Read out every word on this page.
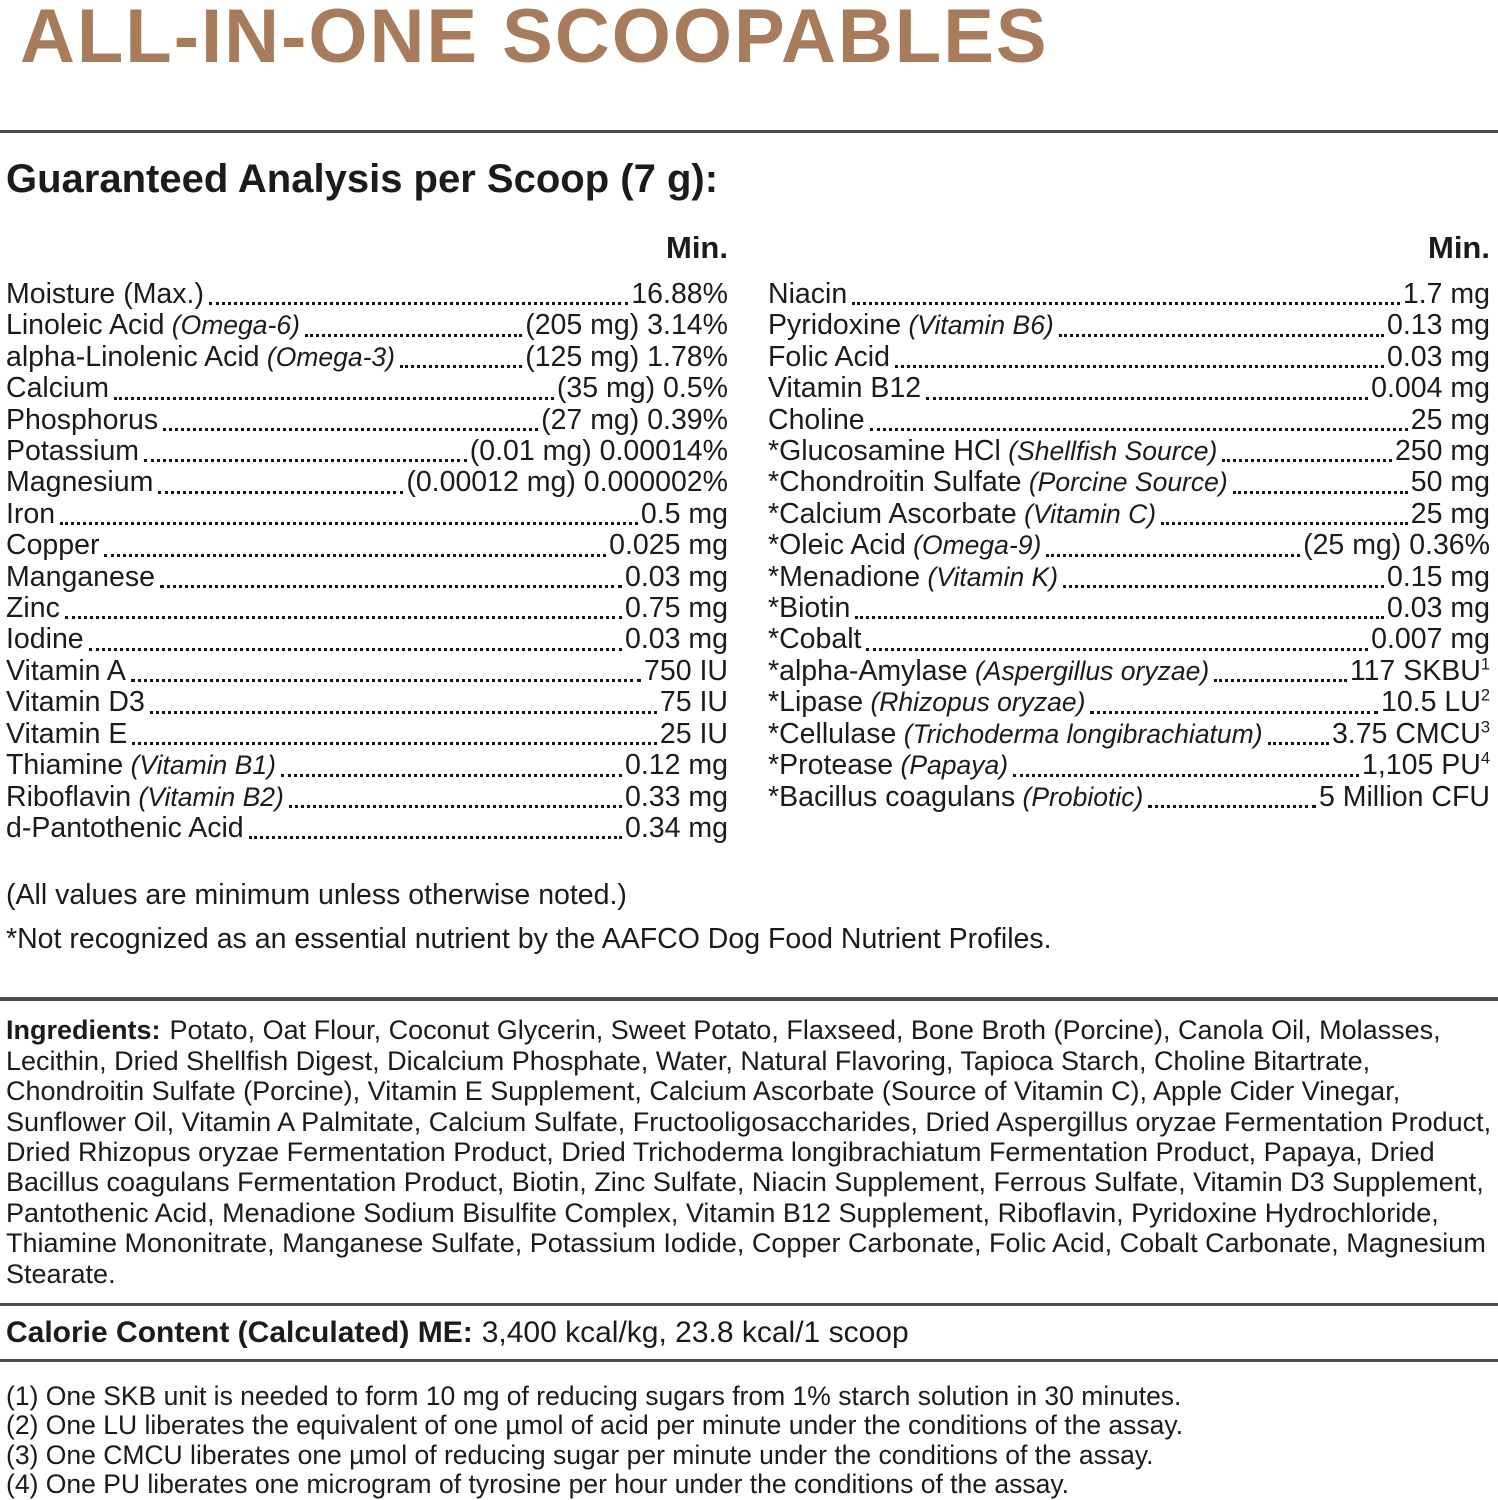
ALL-IN-ONE SCOOPABLES
Guaranteed Analysis per Scoop (7 g):
Min.
Moisture (Max.)	16.88%
Linoleic Acid (Omega-6)	(205 mg) 3.14%
alpha-Linolenic Acid (Omega-3)	(125 mg) 1.78%
Calcium	(35 mg) 0.5%
Phosphorus	(27 mg) 0.39%
Potassium	(0.01 mg) 0.00014%
Magnesium	(0.00012 mg) 0.000002%
Iron	0.5 mg
Copper	0.025 mg
Manganese	0.03 mg
Zinc	0.75 mg
Iodine	0.03 mg
Vitamin A	750 IU
Vitamin D3	75 IU
Vitamin E	25 IU
Thiamine (Vitamin B1)	0.12 mg
Riboflavin (Vitamin B2)	0.33 mg
d-Pantothenic Acid	0.34 mg
Min.
Niacin	1.7 mg
Pyridoxine (Vitamin B6)	0.13 mg
Folic Acid	0.03 mg
Vitamin B12	0.004 mg
Choline	25 mg
*Glucosamine HCl (Shellfish Source)	250 mg
*Chondroitin Sulfate (Porcine Source)	50 mg
*Calcium Ascorbate (Vitamin C)	25 mg
*Oleic Acid (Omega-9)	(25 mg) 0.36%
*Menadione (Vitamin K)	0.15 mg
*Biotin	0.03 mg
*Cobalt	0.007 mg
*alpha-Amylase (Aspergillus oryzae)	117 SKBU$^1$
*Lipase (Rhizopus oryzae)	10.5 $LU^2$
*Cellulase (Trichoderma longibrachiatum) 3.75 CMCU$^3$
*Protease (Papaya)	1,105 $PU^4$
*Bacillus coagulans (Probiotic)	5 Million CFU

(All values are minimum unless otherwise noted.)

*Not recognized as an essential nutrient by the AAFCO Dog Food Nutrient Profiles.

Ingredients: Potato, Oat Flour, Coconut Glycerin, Sweet Potato, Flaxseed, Bone Broth (Porcine), Canola Oil, Molasses, Lecithin, Dried Shellfish Digest, Dicalcium Phosphate, Water, Natural Flavoring, Tapioca Starch, Choline Bitartrate, Chondroitin Sulfate (Porcine), Vitamin E Supplement, Calcium Ascorbate (Source of Vitamin C), Apple Cider Vinegar, Sunflower Oil, Vitamin A Palmitate, Calcium Sulfate, Fructooligosaccharides, Dried Aspergillus oryzae Fermentation Product, Dried Rhizopus oryzae Fermentation Product, Dried Trichoderma longibrachiatum Fermentation Product, Papaya, Dried Bacillus coagulans Fermentation Product, Biotin, Zinc Sulfate, Niacin Supplement, Ferrous Sulfate, Vitamin D3 Supplement, Pantothenic Acid, Menadione Sodium Bisulfite Complex, Vitamin B12 Supplement, Riboflavin, Pyridoxine Hydrochloride, Thiamine Mononitrate, Manganese Sulfate, Potassium Iodide, Copper Carbonate, Folic Acid, Cobalt Carbonate, Magnesium Stearate.

Calorie Content (Calculated) ME: 3,400 kcal/kg, 23.8 kcal/1 scoop

(1) One SKB unit is needed to form 10 mg of reducing sugars from 1% starch solution in 30 minutes.

(2) One LU liberates the equivalent of one µmol of acid per minute under the conditions of the assay.

(3) One CMCU liberates one µmol of reducing sugar per minute under the conditions of the assay.

(4) One PU liberates one microgram of tyrosine per hour under the conditions of the assay.
